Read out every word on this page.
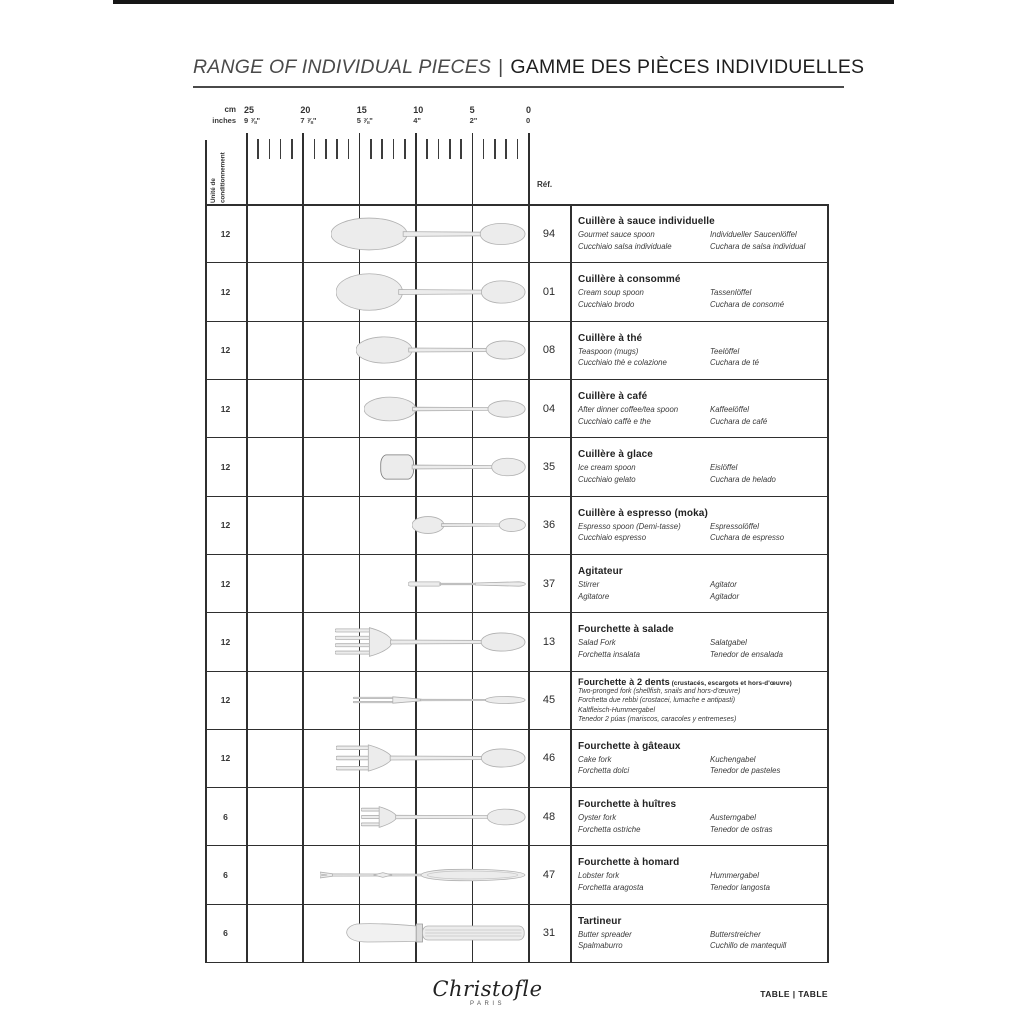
RANGE OF INDIVIDUAL PIECES | GAMME DES PIÈCES INDIVIDUELLES
cm
inches
Unité de conditionnement	Réf.
25
9 ⅞"
20
7 ⅞"
15
5 ⅞"
10
4"
5
2"
0
0
12	94
Cuillère à sauce individuelle
Gourmet sauce spoon
Cucchiaio salsa individuale
Individueller Saucenlöffel
Cuchara de salsa individual
12	01
Cuillère à consommé
Cream soup spoon
Cucchiaio brodo
Tassenlöffel
Cuchara de consomé
12	08
Cuillère à thé
Teaspoon (mugs)
Cucchiaio thè e colazione
Teelöffel
Cuchara de té
12	04
Cuillère à café
After dinner coffee/tea spoon
Cucchiaio caffè e the
Kaffeelöffel
Cuchara de café
12	35
Cuillère à glace
Ice cream spoon
Cucchiaio gelato
Eislöffel
Cuchara de helado
12	36
Cuillère à espresso (moka)
Espresso spoon (Demi-tasse)
Cucchiaio espresso
Espressolöffel
Cuchara de espresso
12	37
Agitateur
Stirrer
Agitatore
Agitator
Agitador
12	13
Fourchette à salade
Salad Fork
Forchetta insalata
Salatgabel
Tenedor de ensalada
12	45
Fourchette à 2 dents (crustacés, escargots et hors-d'œuvre)
Two-pronged fork (shellfish, snails and hors-d'œuvre)
Forchetta due rebbi (crostacei, lumache e antipasti)
Kaltfleisch-Hummergabel
Tenedor 2 púas (mariscos, caracoles y entremeses)
12	46
Fourchette à gâteaux
Cake fork
Forchetta dolci
Kuchengabel
Tenedor de pasteles
6	48
Fourchette à huîtres
Oyster fork
Forchetta ostriche
Austerngabel
Tenedor de ostras
6	47
Fourchette à homard
Lobster fork
Forchetta aragosta
Hummergabel
Tenedor langosta
6	31
Tartineur
Butter spreader
Spalmaburro
Butterstreicher
Cuchillo de mantequill
Christofle
PARIS
TABLE | TABLE
